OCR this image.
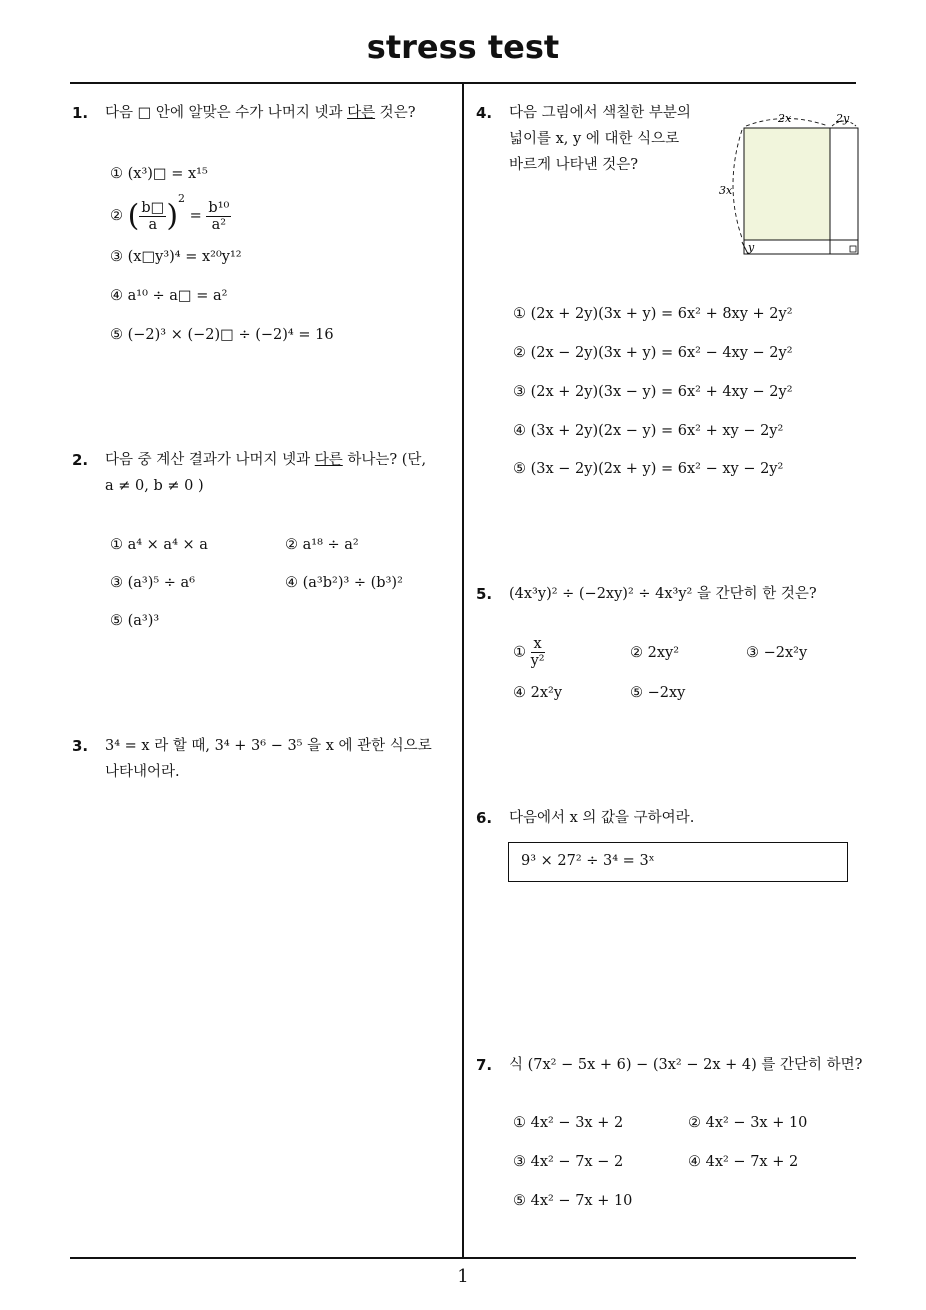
stress test
1
1. 다음 □ 안에 알맞은 수가 나머지 넷과 다른 것은?
① (x³)□ = x¹⁵
② ( $\frac{b□}{a} )^2 = \frac{\text{b¹⁰}}{\text{a²}}$
③ (x□y³)⁴ = x²⁰y¹²
④ a¹⁰ ÷ a□ = a²
⑤ (−2)³ × (−2)□ ÷ (−2)⁴ = 16
2. 다음 중 계산 결과가 나머지 넷과 다른 하나는? (단,
a ≠ 0, b ≠ 0 )
① a⁴ × a⁴ × a	② a¹⁸ ÷ a²
③ (a³)⁵ ÷ a⁶	④ (a³b²)³ ÷ (b³)²
⑤ (a³)³
3. 3⁴ = x 라 할 때, 3⁴ + 3⁶ − 3⁵ 을 x 에 관한 식으로
나타내어라.
4. 다음 그림에서 색칠한 부분의
넓이를 x, y 에 대한 식으로
바르게 나타낸 것은?
2x	2y
3x
y
① (2x + 2y)(3x + y) = 6x² + 8xy + 2y²
② (2x − 2y)(3x + y) = 6x² − 4xy − 2y²
③ (2x + 2y)(3x − y) = 6x² + 4xy − 2y²
④ (3x + 2y)(2x − y) = 6x² + xy − 2y²
⑤ (3x − 2y)(2x + y) = 6x² − xy − 2y²
5. (4x³y)² ÷ (−2xy)² ÷ 4x³y² 을 간단히 한 것은?
① $\frac{x}{\text{y²}}$	② 2xy²	③ −2x²y
④ 2x²y	⑤ −2xy
6. 다음에서 x 의 값을 구하여라.
9³ × 27² ÷ 3⁴ = 3ˣ
7. 식 (7x² − 5x + 6) − (3x² − 2x + 4) 를 간단히 하면?
① 4x² − 3x + 2	② 4x² − 3x + 10
③ 4x² − 7x − 2	④ 4x² − 7x + 2
⑤ 4x² − 7x + 10
